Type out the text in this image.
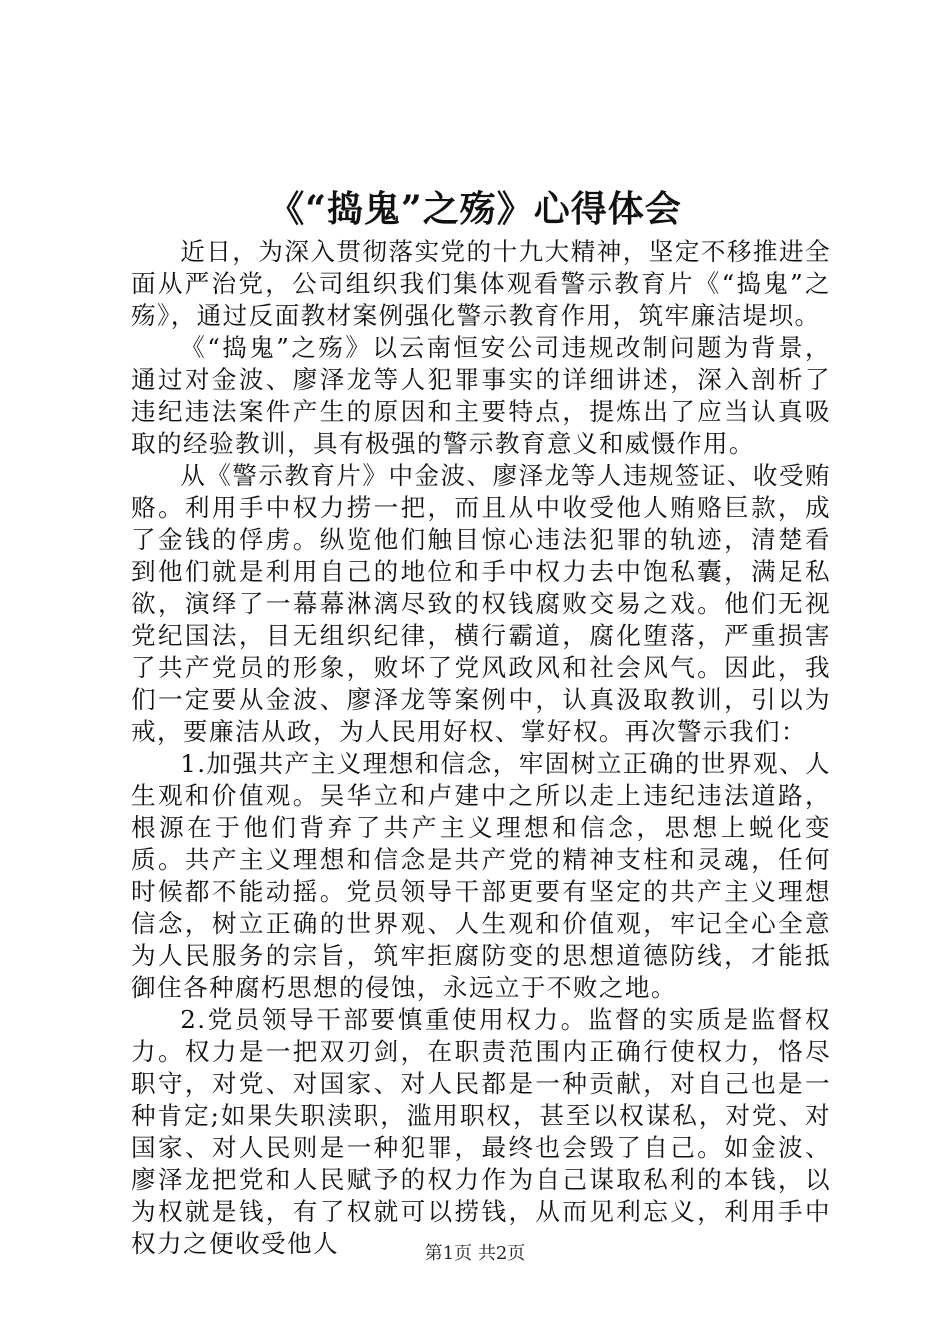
《“捣鬼”之殇》心得体会

近日，为深入贯彻落实党的十九大精神，坚定不移推进全面从严治党，公司组织我们集体观看警示教育片《“捣鬼”之殇》，通过反面教材案例强化警示教育作用，筑牢廉洁堤坝。

《“捣鬼”之殇》以云南恒安公司违规改制问题为背景，通过对金波、廖泽龙等人犯罪事实的详细讲述，深入剖析了违纪违法案件产生的原因和主要特点，提炼出了应当认真吸取的经验教训，具有极强的警示教育意义和威慑作用。

从《警示教育片》中金波、廖泽龙等人违规签证、收受贿赂。利用手中权力捞一把，而且从中收受他人贿赂巨款，成了金钱的俘虏。纵览他们触目惊心违法犯罪的轨迹，清楚看到他们就是利用自己的地位和手中权力去中饱私囊，满足私欲，演绎了一幕幕淋漓尽致的权钱腐败交易之戏。他们无视党纪国法，目无组织纪律，横行霸道，腐化堕落，严重损害了共产党员的形象，败坏了党风政风和社会风气。因此，我们一定要从金波、廖泽龙等案例中，认真汲取教训，引以为戒，要廉洁从政，为人民用好权、掌好权。再次警示我们：

1.加强共产主义理想和信念，牢固树立正确的世界观、人生观和价值观。吴华立和卢建中之所以走上违纪违法道路，根源在于他们背弃了共产主义理想和信念，思想上蜕化变质。共产主义理想和信念是共产党的精神支柱和灵魂，任何时候都不能动摇。党员领导干部更要有坚定的共产主义理想信念，树立正确的世界观、人生观和价值观，牢记全心全意为人民服务的宗旨，筑牢拒腐防变的思想道德防线，才能抵御住各种腐朽思想的侵蚀，永远立于不败之地。

2.党员领导干部要慎重使用权力。监督的实质是监督权力。权力是一把双刃剑，在职责范围内正确行使权力，恪尽职守，对党、对国家、对人民都是一种贡献，对自己也是一种肯定;如果失职渎职，滥用职权，甚至以权谋私，对党、对国家、对人民则是一种犯罪，最终也会毁了自己。如金波、廖泽龙把党和人民赋予的权力作为自己谋取私利的本钱，以为权就是钱，有了权就可以捞钱，从而见利忘义，利用手中权力之便收受他人	第1页 共2页
